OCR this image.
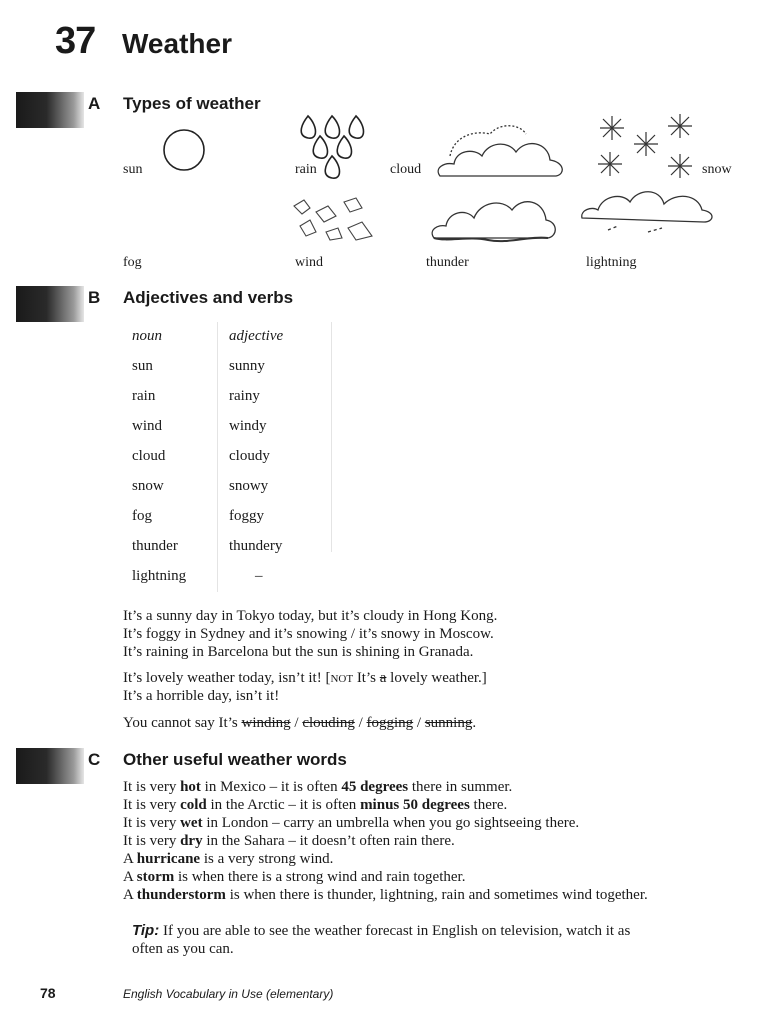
37 Weather
A Types of weather
sun	rain	cloud	snow
fog	wind	thunder	lightning
B Adjectives and verbs
noun	adjective
sun	sunny
rain	rainy
wind	windy
cloud	cloudy
snow	snowy
fog	foggy
thunder	thundery
lightning	–
It’s a sunny day in Tokyo today, but it’s cloudy in Hong Kong.
It’s foggy in Sydney and it’s snowing / it’s snowy in Moscow.
It’s raining in Barcelona but the sun is shining in Granada.
It’s lovely weather today, isn’t it! [not It’s a lovely weather.]
It’s a horrible day, isn’t it!
You cannot say It’s winding / clouding / fogging / sunning.
C Other useful weather words
It is very hot in Mexico – it is often 45 degrees there in summer.
It is very cold in the Arctic – it is often minus 50 degrees there.
It is very wet in London – carry an umbrella when you go sightseeing there.
It is very dry in the Sahara – it doesn’t often rain there.
A hurricane is a very strong wind.
A storm is when there is a strong wind and rain together.
A thunderstorm is when there is thunder, lightning, rain and sometimes wind together.
Tip: If you are able to see the weather forecast in English on television, watch it as
often as you can.
78	English Vocabulary in Use (elementary)
